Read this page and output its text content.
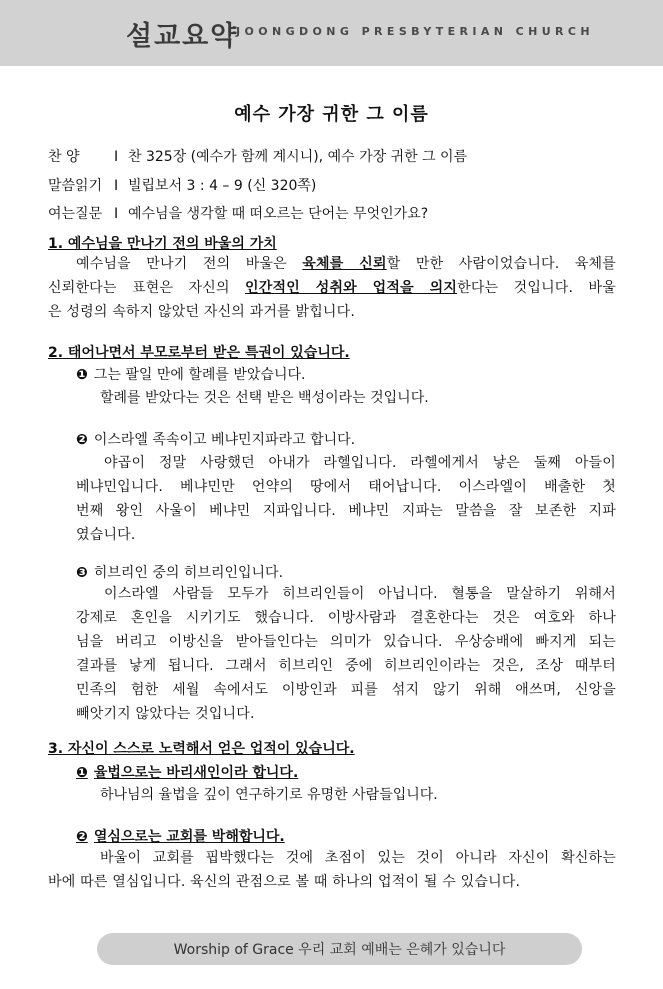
설교요약
JOONGDONG PRESBYTERIAN CHURCH
예수 가장 귀한 그 이름
찬 양 I 찬 325장 (예수가 함께 계시니), 예수 가장 귀한 그 이름
말씀읽기 I 빌립보서 3 : 4 – 9 (신 320쪽)
여는질문 I 예수님을 생각할 때 떠오르는 단어는 무엇인가요?
1. 예수님을 만나기 전의 바울의 가치
예수님을 만나기 전의 바울은 육체를 신뢰할 만한 사람이었습니다. 육체를
신뢰한다는 표현은 자신의 인간적인 성취와 업적을 의지한다는 것입니다. 바울
은 성령의 속하지 않았던 자신의 과거를 밝힙니다.
2. 태어나면서 부모로부터 받은 특권이 있습니다.
❶ 그는 팔일 만에 할례를 받았습니다.
할례를 받았다는 것은 선택 받은 백성이라는 것입니다.
❷ 이스라엘 족속이고 베냐민지파라고 합니다.
야곱이 정말 사랑했던 아내가 라헬입니다. 라헬에게서 낳은 둘째 아들이
베냐민입니다. 베냐민만 언약의 땅에서 태어납니다. 이스라엘이 배출한 첫
번째 왕인 사울이 베냐민 지파입니다. 베냐민 지파는 말씀을 잘 보존한 지파
였습니다.
❸ 히브리인 중의 히브리인입니다.
이스라엘 사람들 모두가 히브리인들이 아닙니다. 혈통을 말살하기 위해서
강제로 혼인을 시키기도 했습니다. 이방사람과 결혼한다는 것은 여호와 하나
님을 버리고 이방신을 받아들인다는 의미가 있습니다. 우상숭배에 빠지게 되는
결과를 낳게 됩니다. 그래서 히브리인 중에 히브리인이라는 것은, 조상 때부터
민족의 험한 세월 속에서도 이방인과 피를 섞지 않기 위해 애쓰며, 신앙을
빼앗기지 않았다는 것입니다.
3. 자신이 스스로 노력해서 얻은 업적이 있습니다.
❶ 율법으로는 바리새인이라 합니다.
하나님의 율법을 깊이 연구하기로 유명한 사람들입니다.
❷ 열심으로는 교회를 박해합니다.
바울이 교회를 핍박했다는 것에 초점이 있는 것이 아니라 자신이 확신하는
바에 따른 열심입니다. 육신의 관점으로 볼 때 하나의 업적이 될 수 있습니다.
Worship of Grace 우리 교회 예배는 은혜가 있습니다
